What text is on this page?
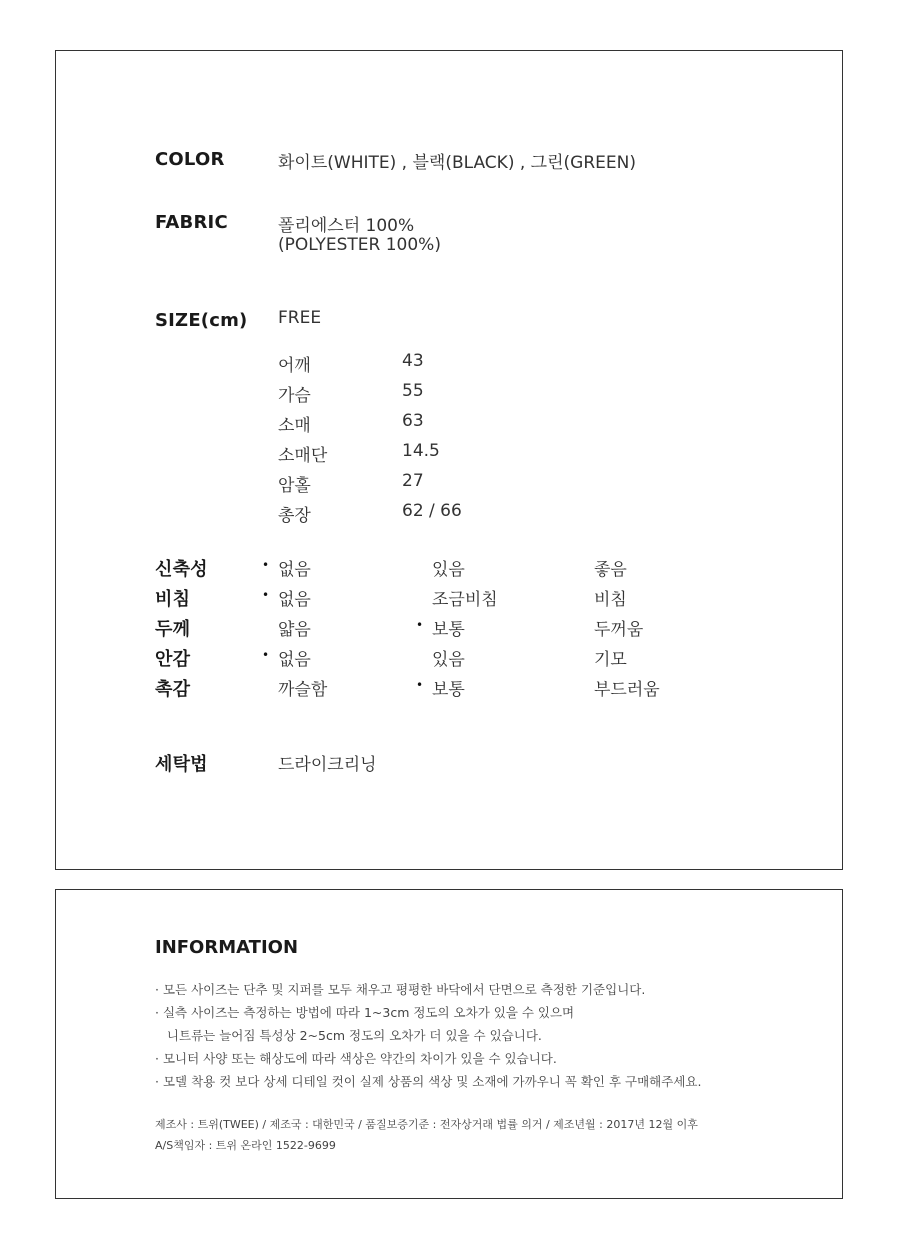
COLOR	화이트(WHITE) , 블랙(BLACK) , 그린(GREEN)
FABRIC	폴리에스터 100%
(POLYESTER 100%)
SIZE(cm) FREE
어깨	43
가슴	55
소매	63
소매단	14.5
암홀	27
총장	62 / 66
신축성	• 없음	있음	좋음
비침	• 없음	조금비침	비침
두께	얇음	• 보통	두꺼움
안감	• 없음	있음	기모
촉감	까슬함	• 보통	부드러움
세탁법	드라이크리닝
INFORMATION
· 모든 사이즈는 단추 및 지퍼를 모두 채우고 평평한 바닥에서 단면으로 측정한 기준입니다.
· 실측 사이즈는 측정하는 방법에 따라 1~3cm 정도의 오차가 있을 수 있으며
니트류는 늘어짐 특성상 2~5cm 정도의 오차가 더 있을 수 있습니다.
· 모니터 사양 또는 해상도에 따라 색상은 약간의 차이가 있을 수 있습니다.
· 모델 착용 컷 보다 상세 디테일 컷이 실제 상품의 색상 및 소재에 가까우니 꼭 확인 후 구매해주세요.
제조사 : 트위(TWEE) / 제조국 : 대한민국 / 품질보증기준 : 전자상거래 법률 의거 / 제조년월 : 2017년 12월 이후
A/S책임자 : 트위 온라인 1522-9699
